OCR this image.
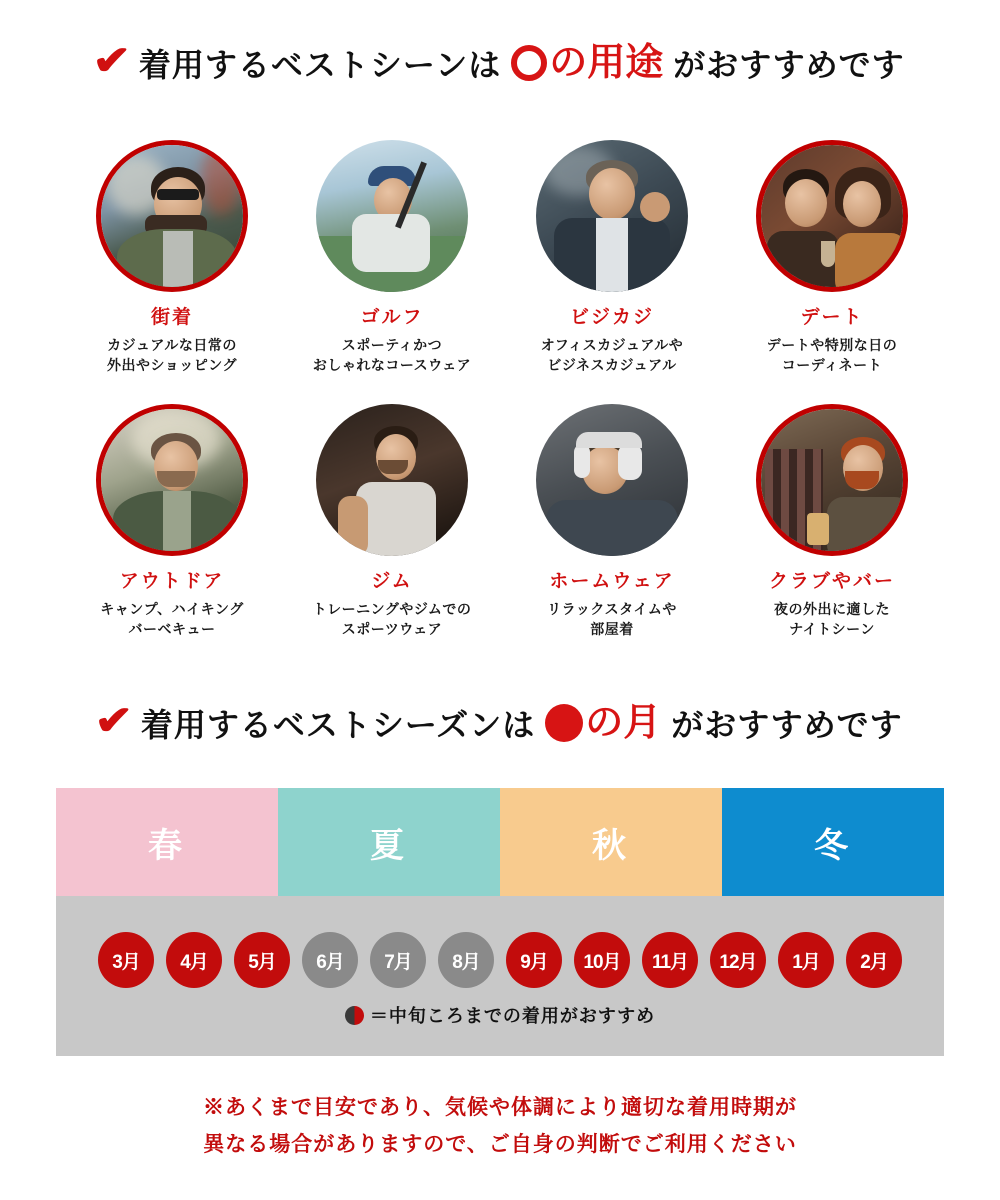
✔ 着用するベストシーンは	の用途 がおすすめです
街着
カジュアルな日常の
外出やショッピング
ゴルフ
スポーティかつ
おしゃれなコースウェア
ビジカジ
オフィスカジュアルや
ビジネスカジュアル
デート
デートや特別な日の
コーディネート
アウトドア
キャンプ、ハイキング
バーベキュー
ジム
トレーニングやジムでの
スポーツウェア
ホームウェア
リラックスタイムや
部屋着
クラブやバー
夜の外出に適した
ナイトシーン
✔ 着用するベストシーズンは	の月 がおすすめです
春	夏	秋	冬
3月	4月	5月	6月	7月	8月	9月	10月	11月	12月	1月	2月
＝中旬ころまでの着用がおすすめ
※あくまで目安であり、気候や体調により適切な着用時期が
異なる場合がありますので、ご自身の判断でご利用ください
